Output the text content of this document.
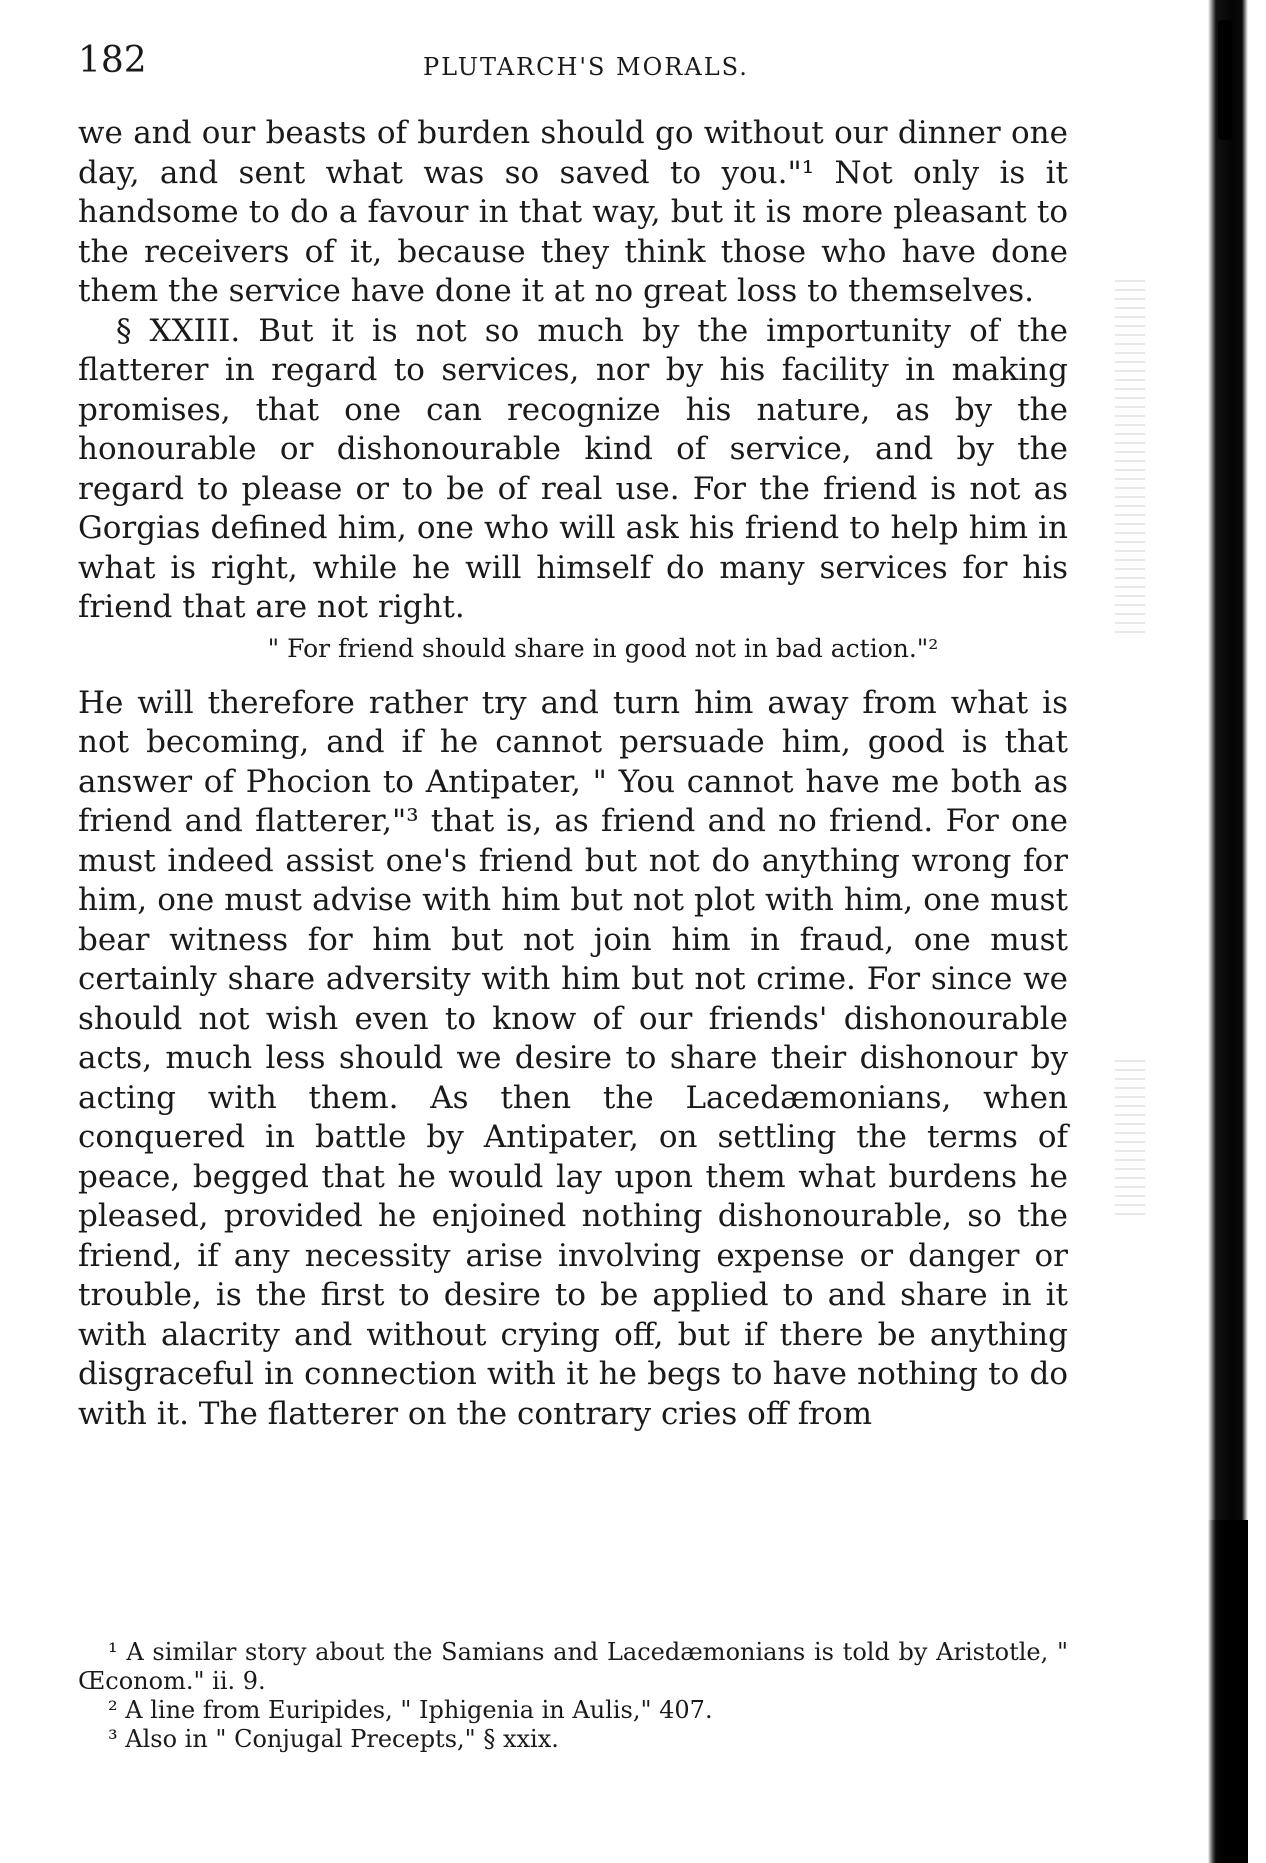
182	PLUTARCH'S MORALS.

we and our beasts of burden should go without our dinner one day, and sent what was so saved to you."¹ Not only is it handsome to do a favour in that way, but it is more pleasant to the receivers of it, because they think those who have done them the service have done it at no great loss to themselves.

§ XXIII. But it is not so much by the importunity of the flatterer in regard to services, nor by his facility in making promises, that one can recognize his nature, as by the honourable or dishonourable kind of service, and by the regard to please or to be of real use. For the friend is not as Gorgias defined him, one who will ask his friend to help him in what is right, while he will himself do many services for his friend that are not right.

" For friend should share in good not in bad action."²

He will therefore rather try and turn him away from what is not becoming, and if he cannot persuade him, good is that answer of Phocion to Antipater, " You cannot have me both as friend and flatterer,"³ that is, as friend and no friend. For one must indeed assist one's friend but not do anything wrong for him, one must advise with him but not plot with him, one must bear witness for him but not join him in fraud, one must certainly share adversity with him but not crime. For since we should not wish even to know of our friends' dishonourable acts, much less should we desire to share their dishonour by acting with them. As then the Lacedæmonians, when conquered in battle by Antipater, on settling the terms of peace, begged that he would lay upon them what burdens he pleased, provided he enjoined nothing dishonourable, so the friend, if any necessity arise involving expense or danger or trouble, is the first to desire to be applied to and share in it with alacrity and without crying off, but if there be anything disgraceful in connection with it he begs to have nothing to do with it. The flatterer on the contrary cries off from

¹ A similar story about the Samians and Lacedæmonians is told by Aristotle, " Œconom." ii. 9.

² A line from Euripides, " Iphigenia in Aulis," 407.

³ Also in " Conjugal Precepts," § xxix.
